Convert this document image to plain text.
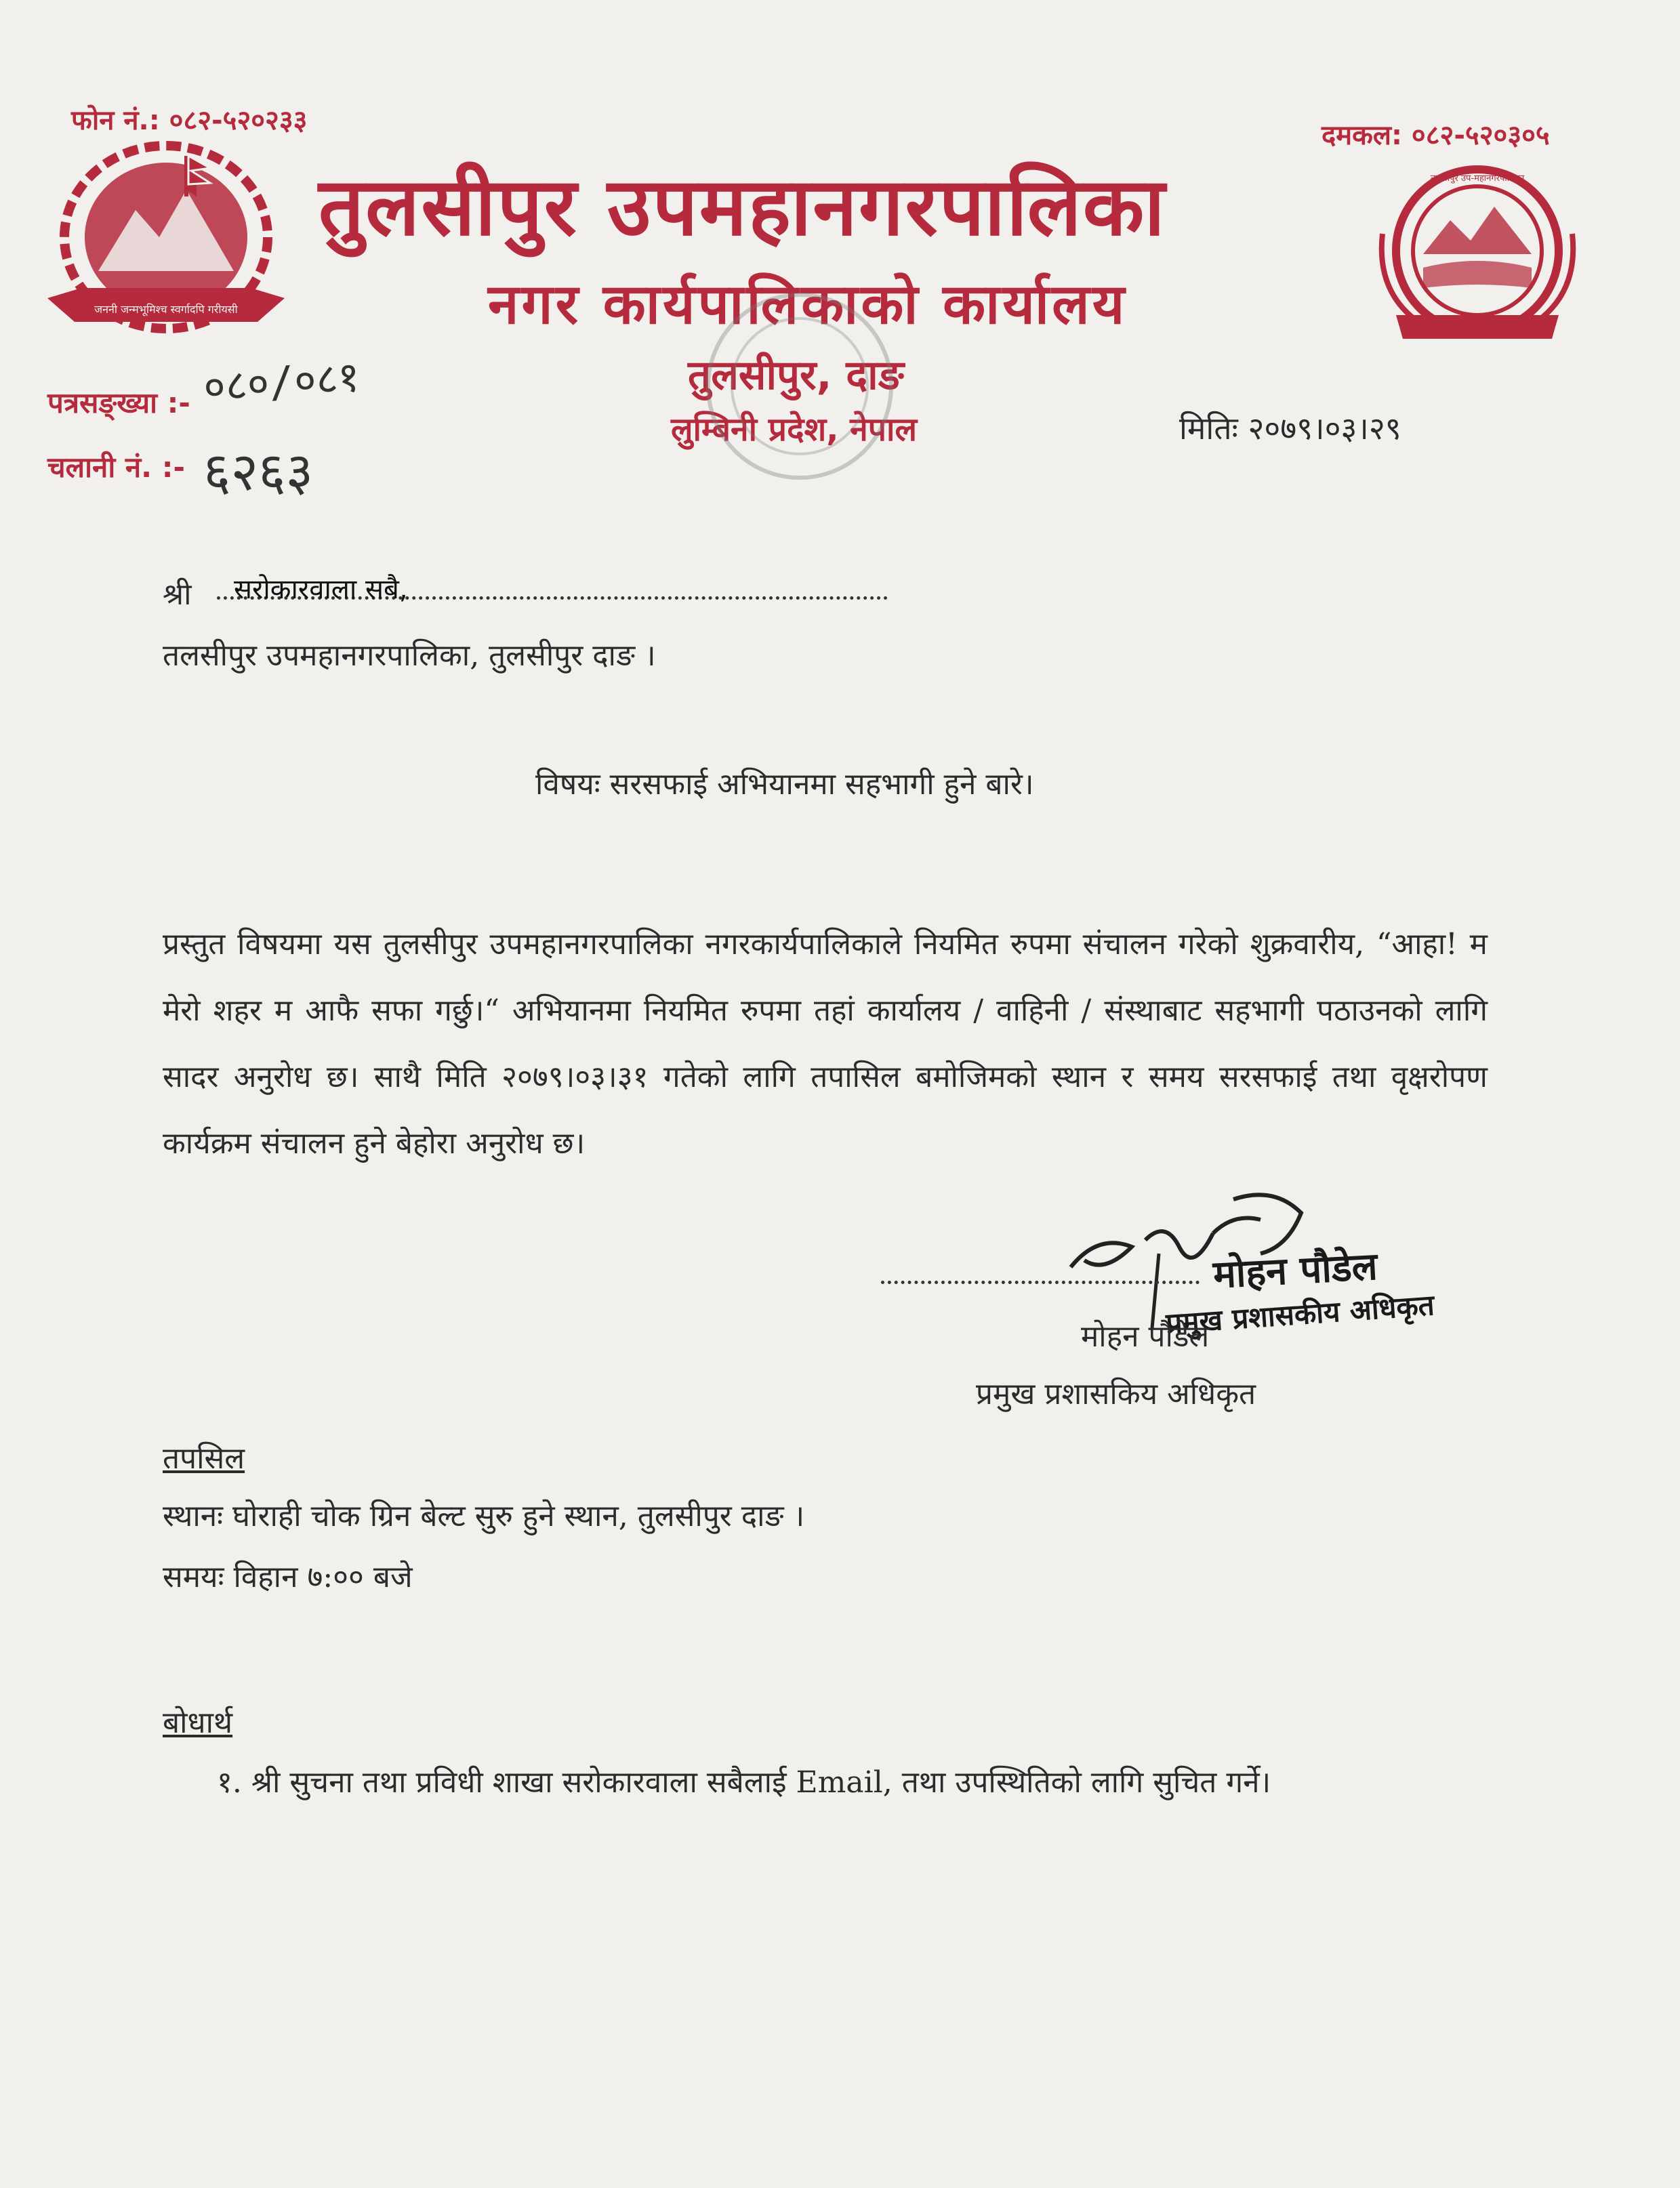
फोन नं.: ०८२-५२०२३३	दमकल: ०८२-५२०३०५
जननी जन्मभूमिश्च स्वर्गादपि गरीयसी
तुलसीपुर उप-महानगरपालिका
तुलसीपुर उपमहानगरपालिका
नगर कार्यपालिकाको कार्यालय
तुलसीपुर, दाङ
लुम्बिनी प्रदेश, नेपाल
पत्रसङ्ख्या :- ०८०/०८१
चलानी नं. :- ६२६३
मितिः २०७९।०३।२९
श्री सरोकारवाला सबै,
तलसीपुर उपमहानगरपालिका, तुलसीपुर दाङ ।
विषयः सरसफाई अभियानमा सहभागी हुने बारे।
प्रस्तुत विषयमा यस तुलसीपुर उपमहानगरपालिका नगरकार्यपालिकाले नियमित रुपमा संचालन गरेको शुक्रवारीय, “आहा! म मेरो शहर म आफै सफा गर्छु।“ अभियानमा नियमित रुपमा तहां कार्यालय / वाहिनी / संस्थाबाट सहभागी पठाउनको लागि सादर अनुरोध छ। साथै मिति २०७९।०३।३१ गतेको लागि तपासिल बमोजिमको स्थान र समय सरसफाई तथा वृक्षरोपण कार्यक्रम संचालन हुने बेहोरा अनुरोध छ।
मोहन पौडेल
प्रमुख प्रशासकीय अधिकृत
मोहन पौडेल
प्रमुख प्रशासकिय अधिकृत
तपसिल
स्थानः घोराही चोक ग्रिन बेल्ट सुरु हुने स्थान, तुलसीपुर दाङ ।
समयः विहान ७:०० बजे
बोधार्थ
१. श्री सुचना तथा प्रविधी शाखा सरोकारवाला सबैलाई Email, तथा उपस्थितिको लागि सुचित गर्ने।
